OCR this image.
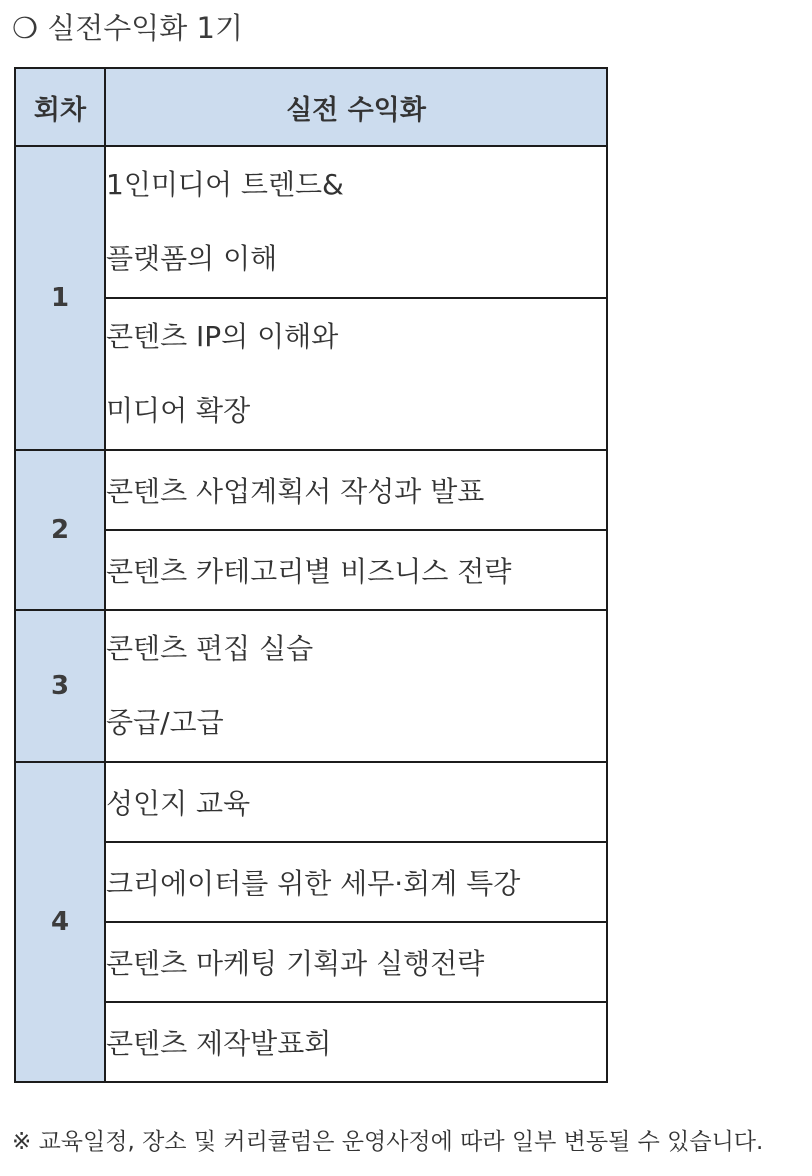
❍ 실전수익화 1기
회차	실전 수익화
1	1인미디어 트렌드&
플랫폼의 이해

	콘텐츠 IP의 이해와
미디어 확장

2	콘텐츠 사업계획서 작성과 발표
	콘텐츠 카테고리별 비즈니스 전략
3	콘텐츠 편집 실습
중급/고급

4	성인지 교육
	크리에이터를 위한 세무·회계 특강
	콘텐츠 마케팅 기획과 실행전략
	콘텐츠 제작발표회
※ 교육일정, 장소 및 커리큘럼은 운영사정에 따라 일부 변동될 수 있습니다.
